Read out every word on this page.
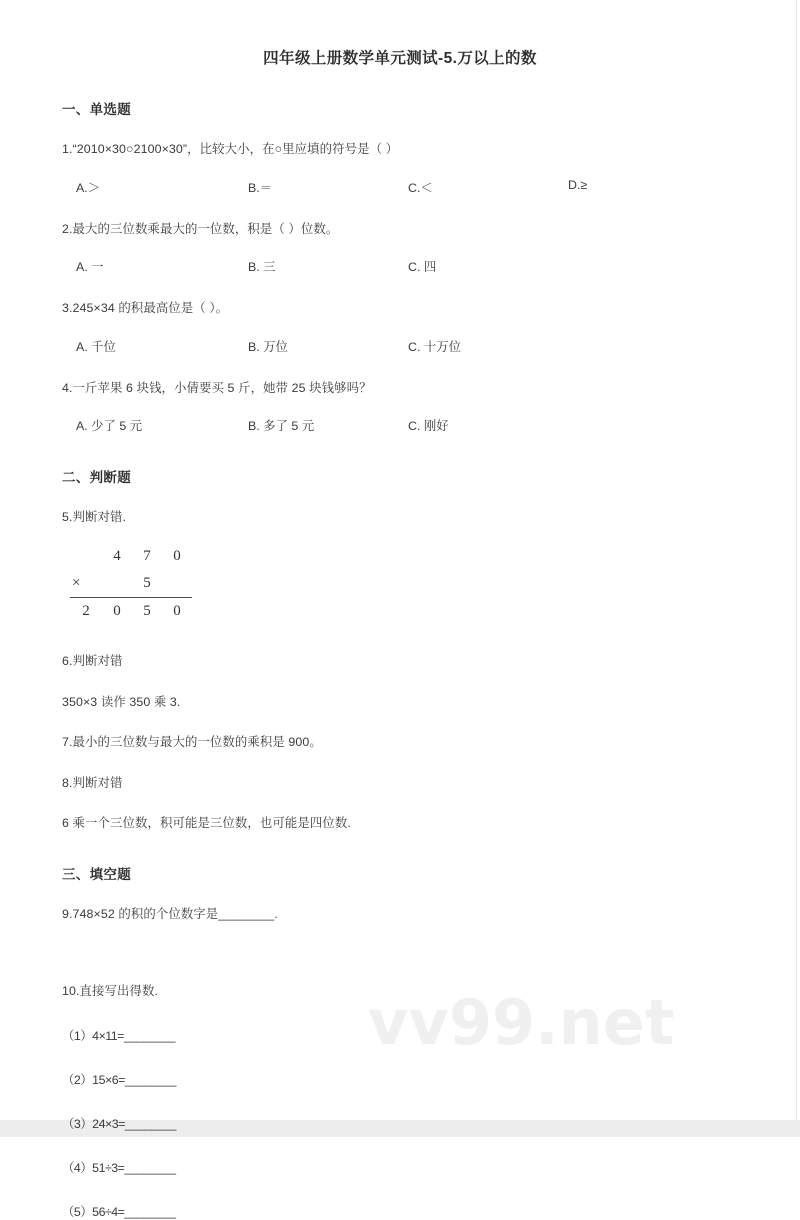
vv99.net
四年级上册数学单元测试-5.万以上的数
一、单选题
1.“2010×30○2100×30”，比较大小，在○里应填的符号是（ ）
A.＞	B.＝	C.＜	D.≥
2.最大的三位数乘最大的一位数，积是（ ）位数。
A. 一	B. 三	C. 四
3.245×34 的积最高位是（ ）。
A. 千位	B. 万位	C. 十万位
4.一斤苹果 6 块钱，小倩要买 5 斤，她带 25 块钱够吗？
A. 少了 5 元	B. 多了 5 元	C. 刚好
二、判断题
5.判断对错.
	4	7	0
×		5	
2	0	5	0
6.判断对错
350×3 读作 350 乘 3.
7.最小的三位数与最大的一位数的乘积是 900。
8.判断对错
6 乘一个三位数，积可能是三位数，也可能是四位数.
三、填空题
9.748×52 的积的个位数字是________.
10.直接写出得数.
（1）4×11=________
（2）15×6=________
（3）24×3=________
（4）51÷3=________
（5）56÷4=________
